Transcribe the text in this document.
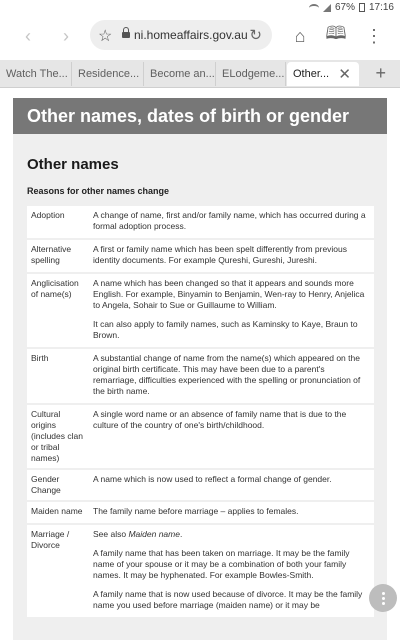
67% 17:16
‹	›	☆ ni.homeaffairs.gov.au ↻	⌂	🕮 ⋮
Watch The... Residence... Become an... ELodgeme... Other... ✕ +
Other names, dates of birth or gender
Other names
Reasons for other names change
Adoption	A change of name, first and/or family name, which has occurred during a formal adoption process.

Alternative spelling	A first or family name which has been spelt differently from previous identity documents. For example Qureshi, Gureshi, Jureshi.

Anglicisation of name(s)	A name which has been changed so that it appears and sounds more English. For example, Binyamin to Benjamin, Wen-ray to Henry, Anjelica to Angela, Sohair to Sue or Guillaume to William.

It can also apply to family names, such as Kaminsky to Kaye, Braun to Brown.

Birth	A substantial change of name from the name(s) which appeared on the original birth certificate. This may have been due to a parent's remarriage, difficulties experienced with the spelling or pronunciation of the birth name.

Cultural origins (includes clan or tribal names)	A single word name or an absence of family name that is due to the culture of the country of one's birth/childhood.

Gender Change	A name which is now used to reflect a formal change of gender.

Maiden name	The family name before marriage – applies to females.

Marriage / Divorce	See also Maiden name.

A family name that has been taken on marriage. It may be the family name of your spouse or it may be a combination of both your family names. It may be hyphenated. For example Bowles-Smith.

A family name that is now used because of divorce. It may be the family name you used before marriage (maiden name) or it may be
